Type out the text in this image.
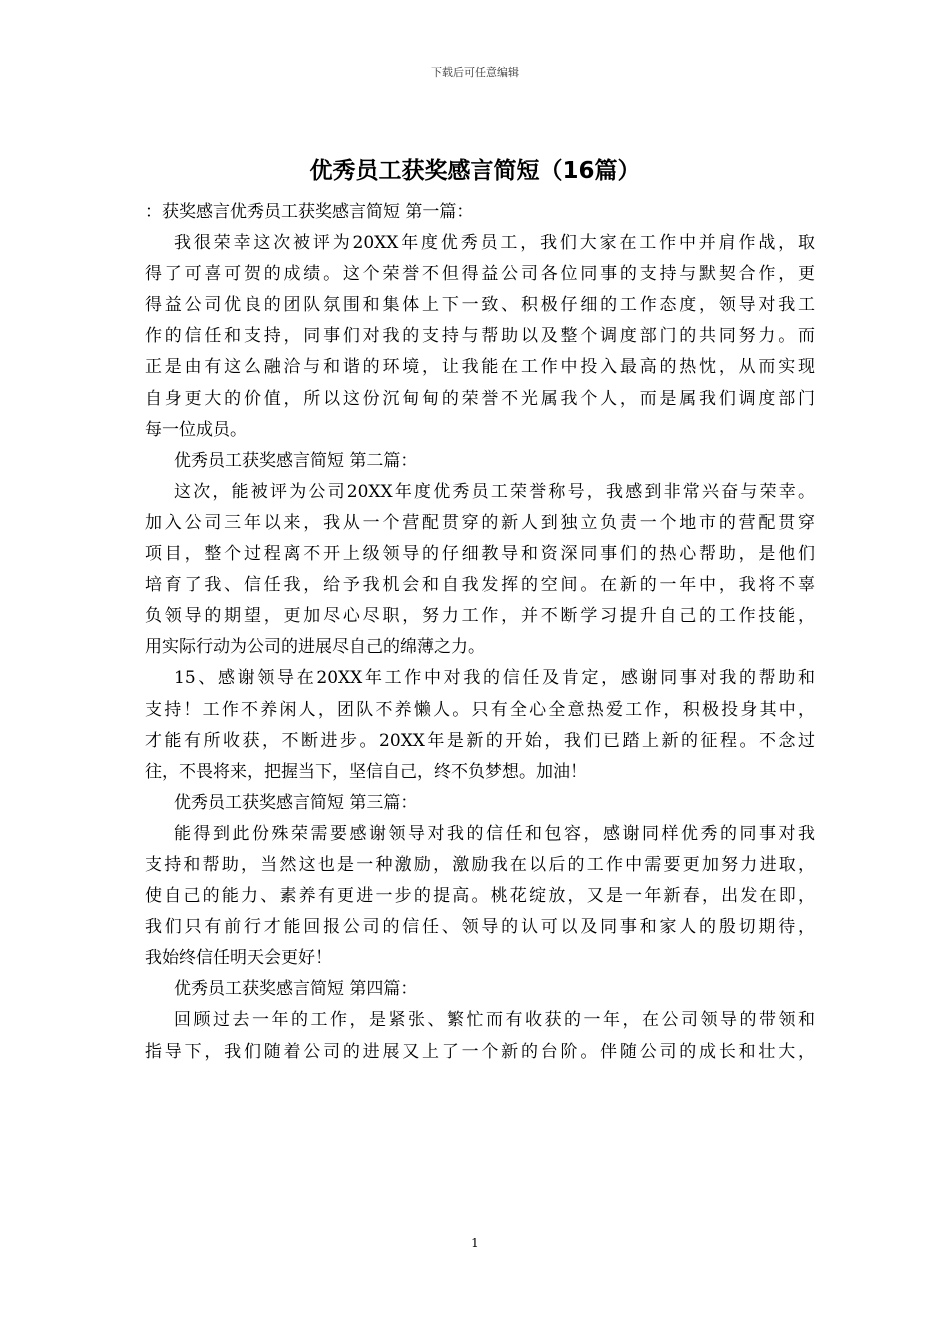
下载后可任意编辑
优秀员工获奖感言简短（16篇）
：获奖感言优秀员工获奖感言简短 第一篇：
我很荣幸这次被评为20XX年度优秀员工，我们大家在工作中并肩作战，取
得了可喜可贺的成绩。这个荣誉不但得益公司各位同事的支持与默契合作，更
得益公司优良的团队氛围和集体上下一致、积极仔细的工作态度，领导对我工
作的信任和支持，同事们对我的支持与帮助以及整个调度部门的共同努力。而
正是由有这么融洽与和谐的环境，让我能在工作中投入最高的热忱，从而实现
自身更大的价值，所以这份沉甸甸的荣誉不光属我个人，而是属我们调度部门
每一位成员。
优秀员工获奖感言简短 第二篇：
这次，能被评为公司20XX年度优秀员工荣誉称号，我感到非常兴奋与荣幸。
加入公司三年以来，我从一个营配贯穿的新人到独立负责一个地市的营配贯穿
项目，整个过程离不开上级领导的仔细教导和资深同事们的热心帮助，是他们
培育了我、信任我，给予我机会和自我发挥的空间。在新的一年中，我将不辜
负领导的期望，更加尽心尽职，努力工作，并不断学习提升自己的工作技能，
用实际行动为公司的进展尽自己的绵薄之力。
15、感谢领导在20XX年工作中对我的信任及肯定，感谢同事对我的帮助和
支持！工作不养闲人，团队不养懒人。只有全心全意热爱工作，积极投身其中，
才能有所收获，不断进步。20XX年是新的开始，我们已踏上新的征程。不念过
往，不畏将来，把握当下，坚信自己，终不负梦想。加油！
优秀员工获奖感言简短 第三篇：
能得到此份殊荣需要感谢领导对我的信任和包容，感谢同样优秀的同事对我
支持和帮助，当然这也是一种激励，激励我在以后的工作中需要更加努力进取，
使自己的能力、素养有更进一步的提高。桃花绽放，又是一年新春，出发在即，
我们只有前行才能回报公司的信任、领导的认可以及同事和家人的殷切期待，
我始终信任明天会更好！
优秀员工获奖感言简短 第四篇：
回顾过去一年的工作，是紧张、繁忙而有收获的一年，在公司领导的带领和
指导下，我们随着公司的进展又上了一个新的台阶。伴随公司的成长和壮大，
1
